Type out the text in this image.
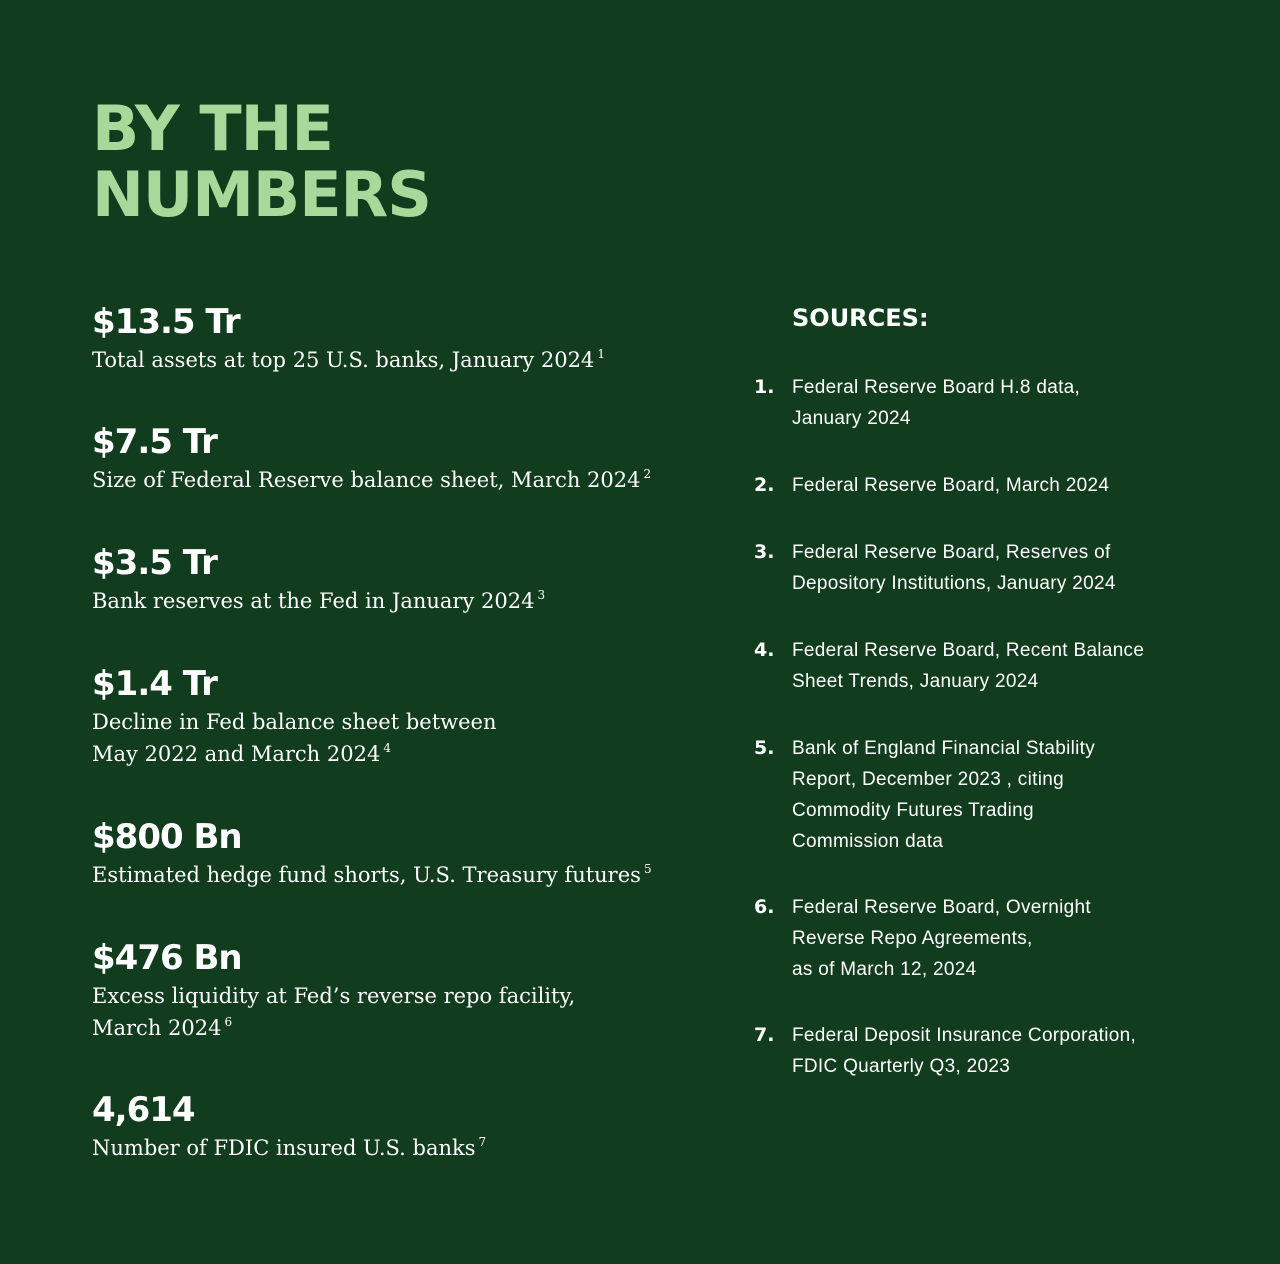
BY THE
NUMBERS
$13.5 Tr
Total assets at top 25 U.S. banks, January 2024 $^1$
$7.5 Tr
Size of Federal Reserve balance sheet, March 2024 $^2$
$3.5 Tr
Bank reserves at the Fed in January 2024 $^3$
$1.4 Tr
Decline in Fed balance sheet between
May 2022 and March 2024 $^4$
$800 Bn
Estimated hedge fund shorts, U.S. Treasury futures $^5$
$476 Bn
Excess liquidity at Fed’s reverse repo facility,
March 2024 $^6$
4,614
Number of FDIC insured U.S. banks $^7$
SOURCES:
1. Federal Reserve Board H.8 data,
January 2024
2. Federal Reserve Board, March 2024
3. Federal Reserve Board, Reserves of
Depository Institutions, January 2024
4. Federal Reserve Board, Recent Balance
Sheet Trends, January 2024
5. Bank of England Financial Stability
Report, December 2023 , citing
Commodity Futures Trading
Commission data
6. Federal Reserve Board, Overnight
Reverse Repo Agreements,
as of March 12, 2024
7. Federal Deposit Insurance Corporation,
FDIC Quarterly Q3, 2023
